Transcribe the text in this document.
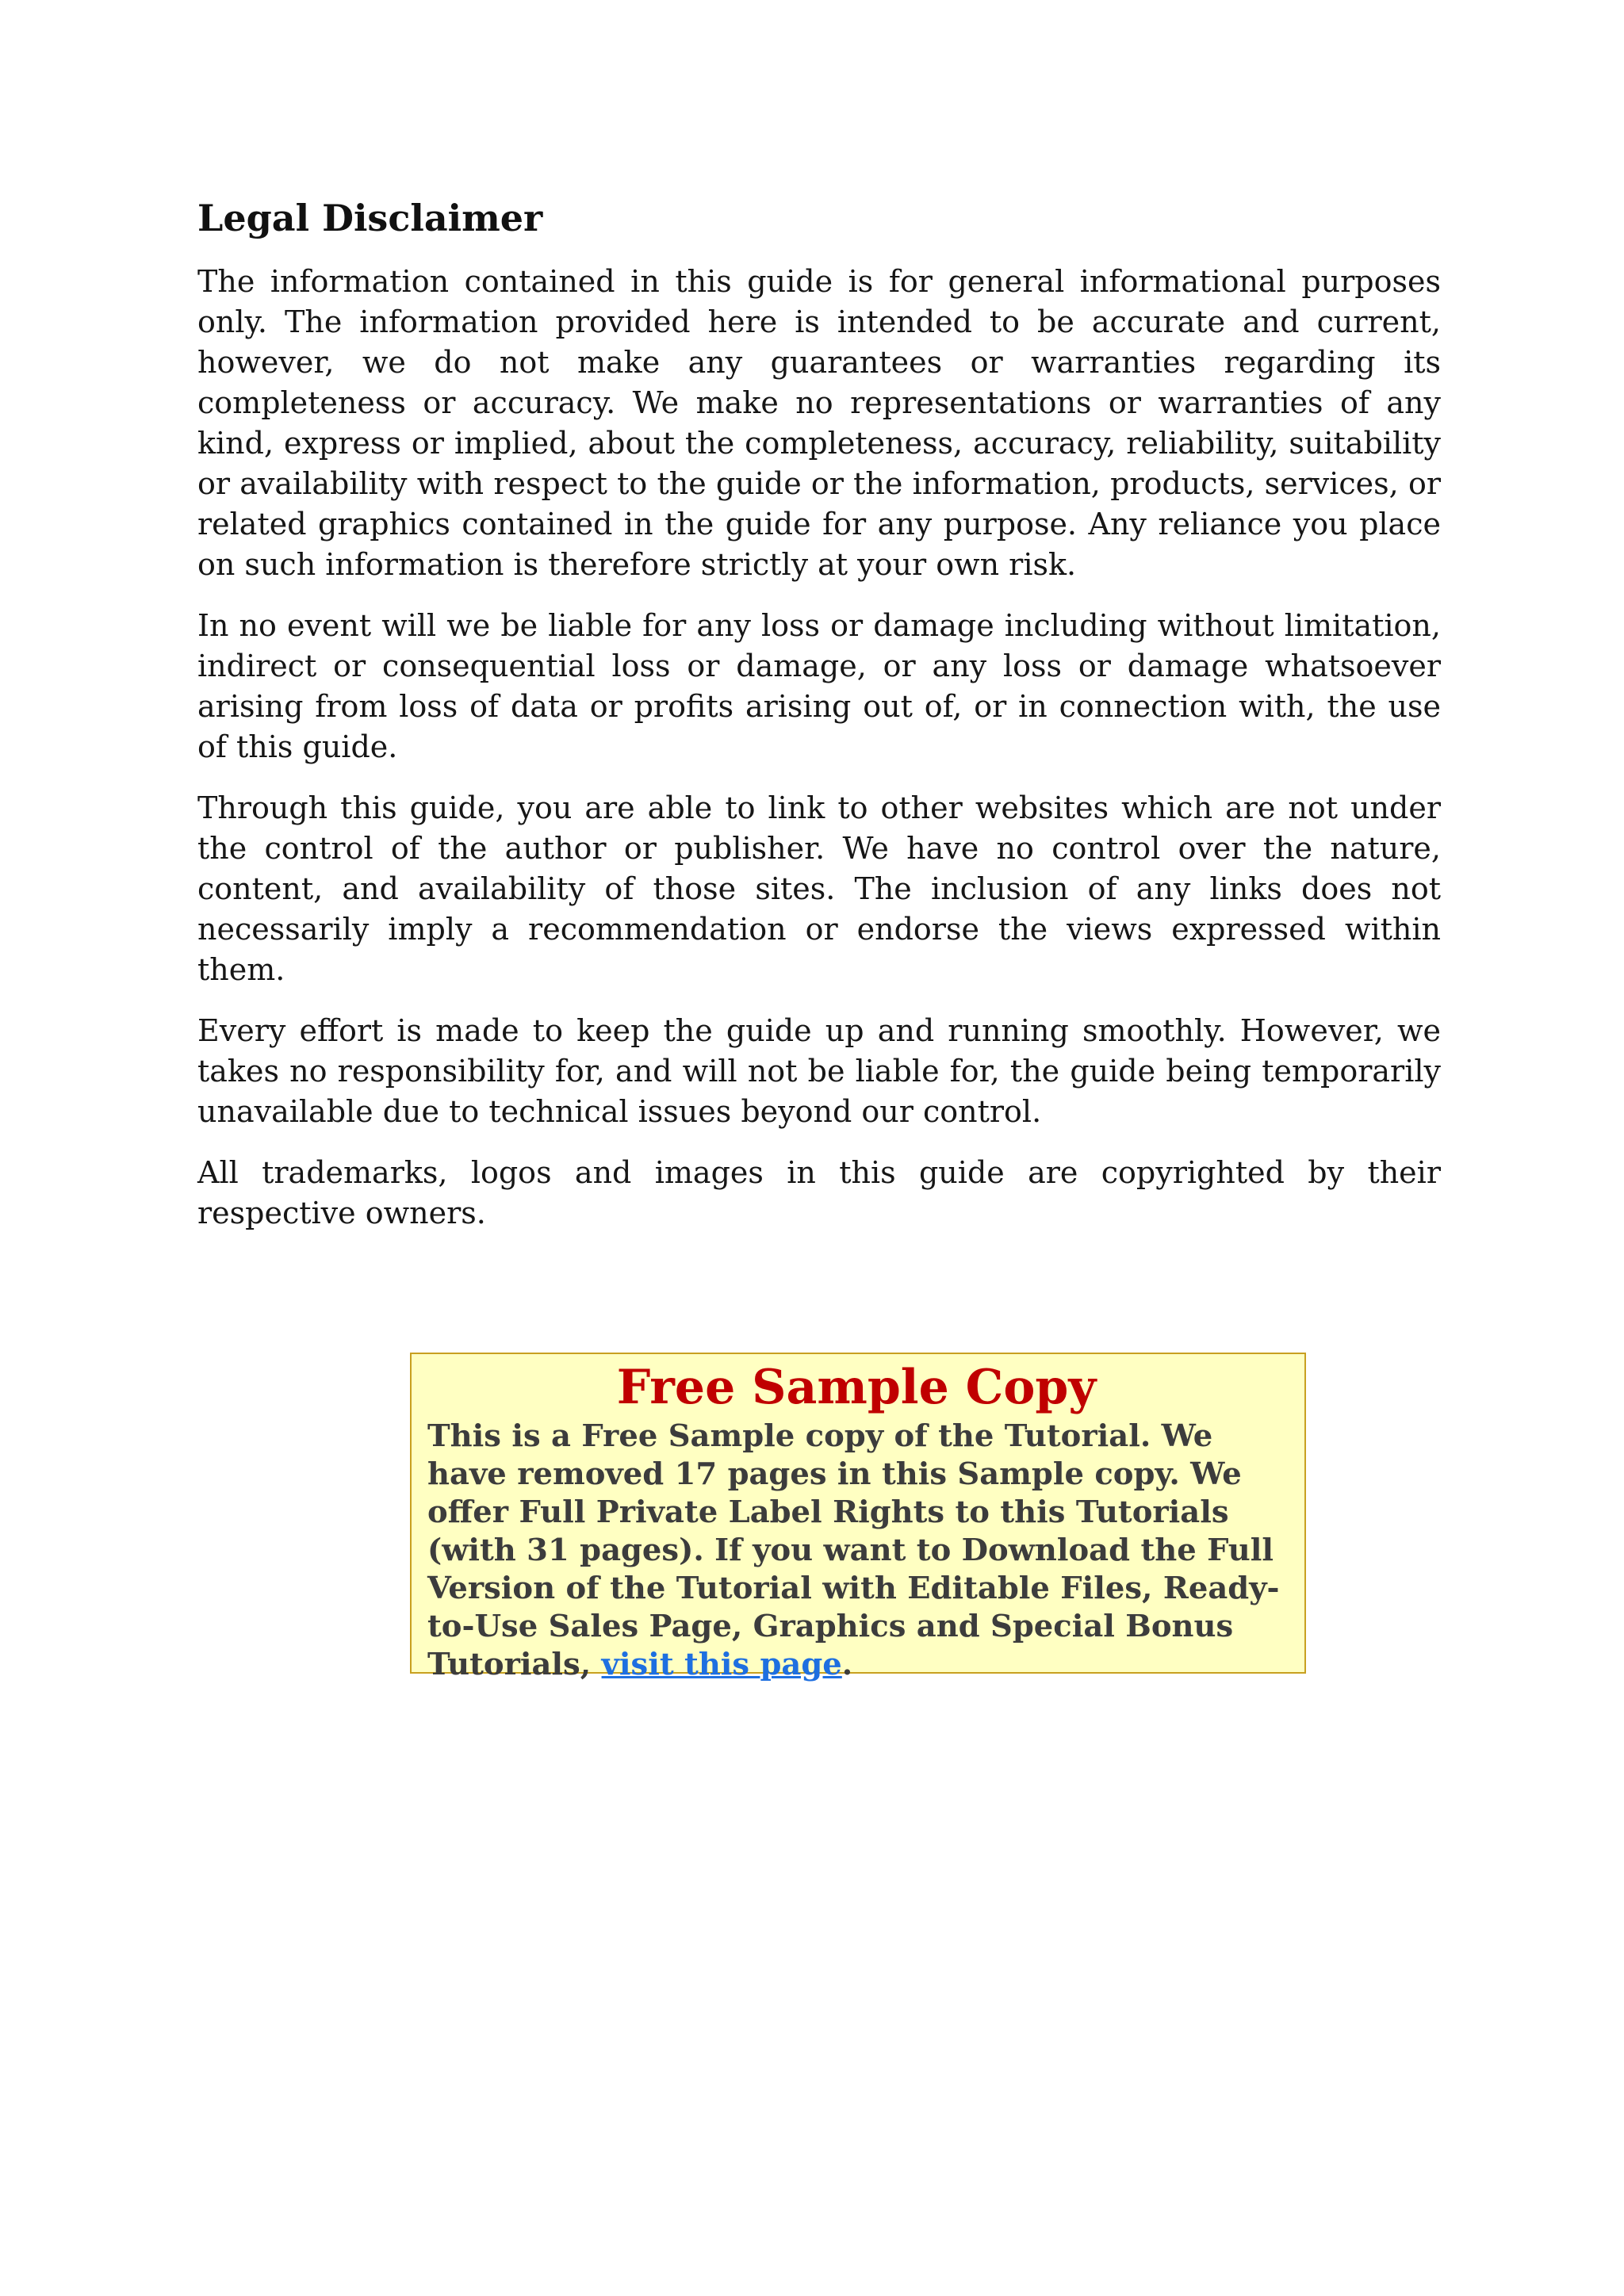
Legal Disclaimer

The information contained in this guide is for general informational purposes only. The information provided here is intended to be accurate and current, however, we do not make any guarantees or warranties regarding its completeness or accuracy. We make no representations or warranties of any kind, express or implied, about the completeness, accuracy, reliability, suitability or availability with respect to the guide or the information, products, services, or related graphics contained in the guide for any purpose. Any reliance you place on such information is therefore strictly at your own risk.

In no event will we be liable for any loss or damage including without limitation, indirect or consequential loss or damage, or any loss or damage whatsoever arising from loss of data or profits arising out of, or in connection with, the use of this guide.

Through this guide, you are able to link to other websites which are not under the control of the author or publisher. We have no control over the nature, content, and availability of those sites. The inclusion of any links does not necessarily imply a recommendation or endorse the views expressed within them.

Every effort is made to keep the guide up and running smoothly. However, we takes no responsibility for, and will not be liable for, the guide being temporarily unavailable due to technical issues beyond our control.

All trademarks, logos and images in this guide are copyrighted by their respective owners.

Free Sample Copy

This is a Free Sample copy of the Tutorial. We have removed 17 pages in this Sample copy. We offer Full Private Label Rights to this Tutorials (with 31 pages). If you want to Download the Full Version of the Tutorial with Editable Files, Ready-to-Use Sales Page, Graphics and Special Bonus Tutorials, visit this page.
